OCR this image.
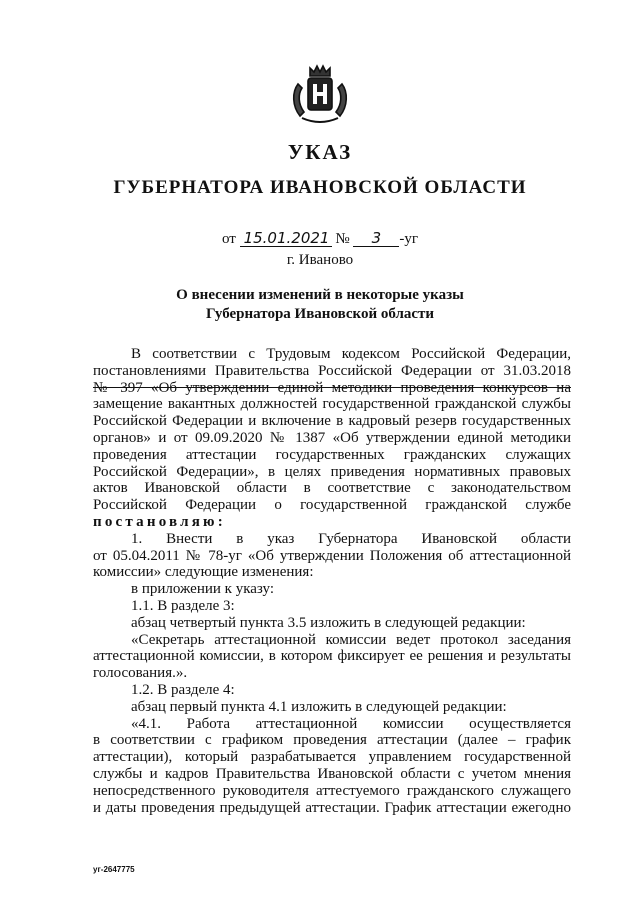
УКАЗ
ГУБЕРНАТОРА ИВАНОВСКОЙ ОБЛАСТИ
от 15.01.2021 № 3 -уг
г. Иваново
О внесении изменений в некоторые указы
Губернатора Ивановской области

В соответствии с Трудовым кодексом Российской Федерации,

постановлениями Правительства Российской Федерации от 31.03.2018

№ 397 «Об утверждении единой методики проведения конкурсов на

замещение вакантных должностей государственной гражданской службы

Российской Федерации и включение в кадровый резерв государственных

органов» и от 09.09.2020 № 1387 «Об утверждении единой методики

проведения аттестации государственных гражданских служащих

Российской Федерации», в целях приведения нормативных правовых

актов Ивановской области в соответствие с законодательством

Российской Федерации о государственной гражданской службе

постановляю:

1. Внести в указ Губернатора Ивановской области

от 05.04.2011 № 78-уг «Об утверждении Положения об аттестационной

комиссии» следующие изменения:

в приложении к указу:

1.1. В разделе 3:

абзац четвертый пункта 3.5 изложить в следующей редакции:

«Секретарь аттестационной комиссии ведет протокол заседания

аттестационной комиссии, в котором фиксирует ее решения и результаты

голосования.».

1.2. В разделе 4:

абзац первый пункта 4.1 изложить в следующей редакции:

«4.1. Работа аттестационной комиссии осуществляется

в соответствии с графиком проведения аттестации (далее – график

аттестации), который разрабатывается управлением государственной

службы и кадров Правительства Ивановской области с учетом мнения

непосредственного руководителя аттестуемого гражданского служащего

и даты проведения предыдущей аттестации. График аттестации ежегодно

уг-2647775
